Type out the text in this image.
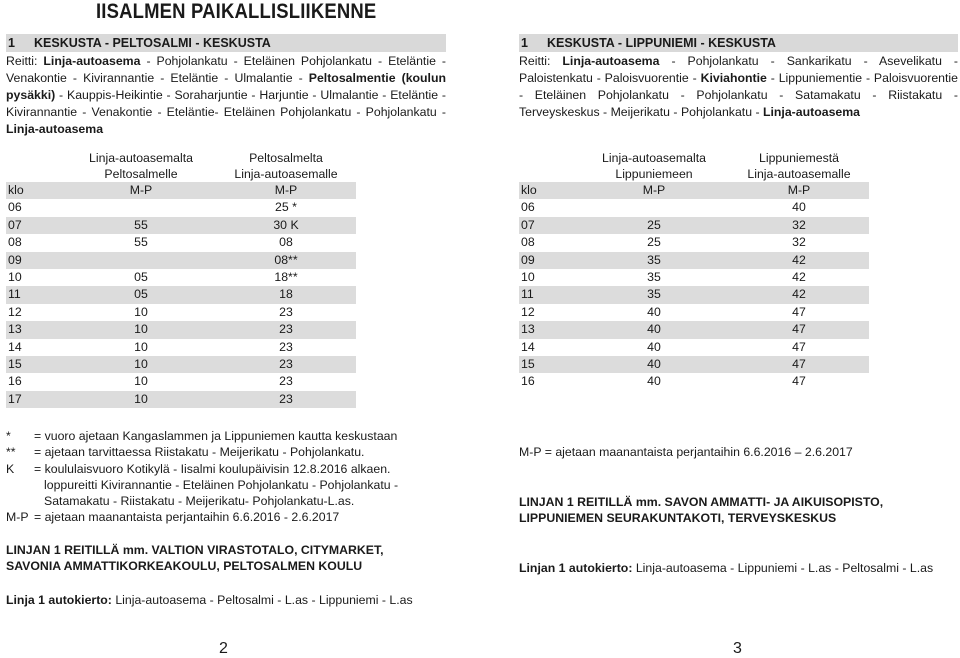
IISALMEN PAIKALLISLIIKENNE
1 KESKUSTA - PELTOSALMI - KESKUSTA
Reitti: Linja-autoasema - Pohjolankatu - Eteläinen Pohjolankatu - Eteläntie - Venakontie - Kivirannantie - Eteläntie - Ulmalantie - Peltosalmentie (koulun pysäkki) - Kauppis-Heikintie - Soraharjuntie - Harjuntie - Ulmalantie - Eteläntie - Kivirannantie - Venakontie - Eteläntie- Eteläinen Pohjolankatu - Pohjolankatu - Linja-autoasema
	Linja-autoasemalta	Peltosalmelta
	Peltosalmelle	Linja-autoasemalle
klo	M-P	M-P
06		25 *
07	55	30 K
08	55	08
09		08**
10	05	18**
11	05	18
12	10	23
13	10	23
14	10	23
15	10	23
16	10	23
17	10	23
*	= vuoro ajetaan Kangaslammen ja Lippuniemen kautta keskustaan
**	= ajetaan tarvittaessa Riistakatu - Meijerikatu - Pohjolankatu.
K	= koululaisvuoro Kotikylä - Iisalmi koulupäivisin 12.8.2016 alkaen.
loppureitti Kivirannantie - Eteläinen Pohjolankatu - Pohjolankatu - Satamakatu - Riistakatu - Meijerikatu- Pohjolankatu-L.as.
M-P = ajetaan maanantaista perjantaihin 6.6.2016 - 2.6.2017
LINJAN 1 REITILLÄ mm. VALTION VIRASTOTALO, CITYMARKET,
SAVONIA AMMATTIKORKEAKOULU, PELTOSALMEN KOULU
Linja 1 autokierto: Linja-autoasema - Peltosalmi - L.as - Lippuniemi - L.as
2
1 KESKUSTA - LIPPUNIEMI - KESKUSTA
Reitti: Linja-autoasema - Pohjolankatu - Sankarikatu - Asevelikatu - Paloistenkatu - Paloisvuorentie - Kiviahontie - Lippuniementie - Paloisvuorentie - Eteläinen Pohjolankatu - Pohjolankatu - Satamakatu - Riistakatu - Terveyskeskus - Meijerikatu - Pohjolankatu - Linja-autoasema
	Linja-autoasemalta	Lippuniemestä
	Lippuniemeen	Linja-autoasemalle
klo	M-P	M-P
06		40
07	25	32
08	25	32
09	35	42
10	35	42
11	35	42
12	40	47
13	40	47
14	40	47
15	40	47
16	40	47
M-P = ajetaan maanantaista perjantaihin 6.6.2016 – 2.6.2017
LINJAN 1 REITILLÄ mm. SAVON AMMATTI- JA AIKUISOPISTO,
LIPPUNIEMEN SEURAKUNTAKOTI, TERVEYSKESKUS
Linjan 1 autokierto: Linja-autoasema - Lippuniemi - L.as - Peltosalmi - L.as
3
